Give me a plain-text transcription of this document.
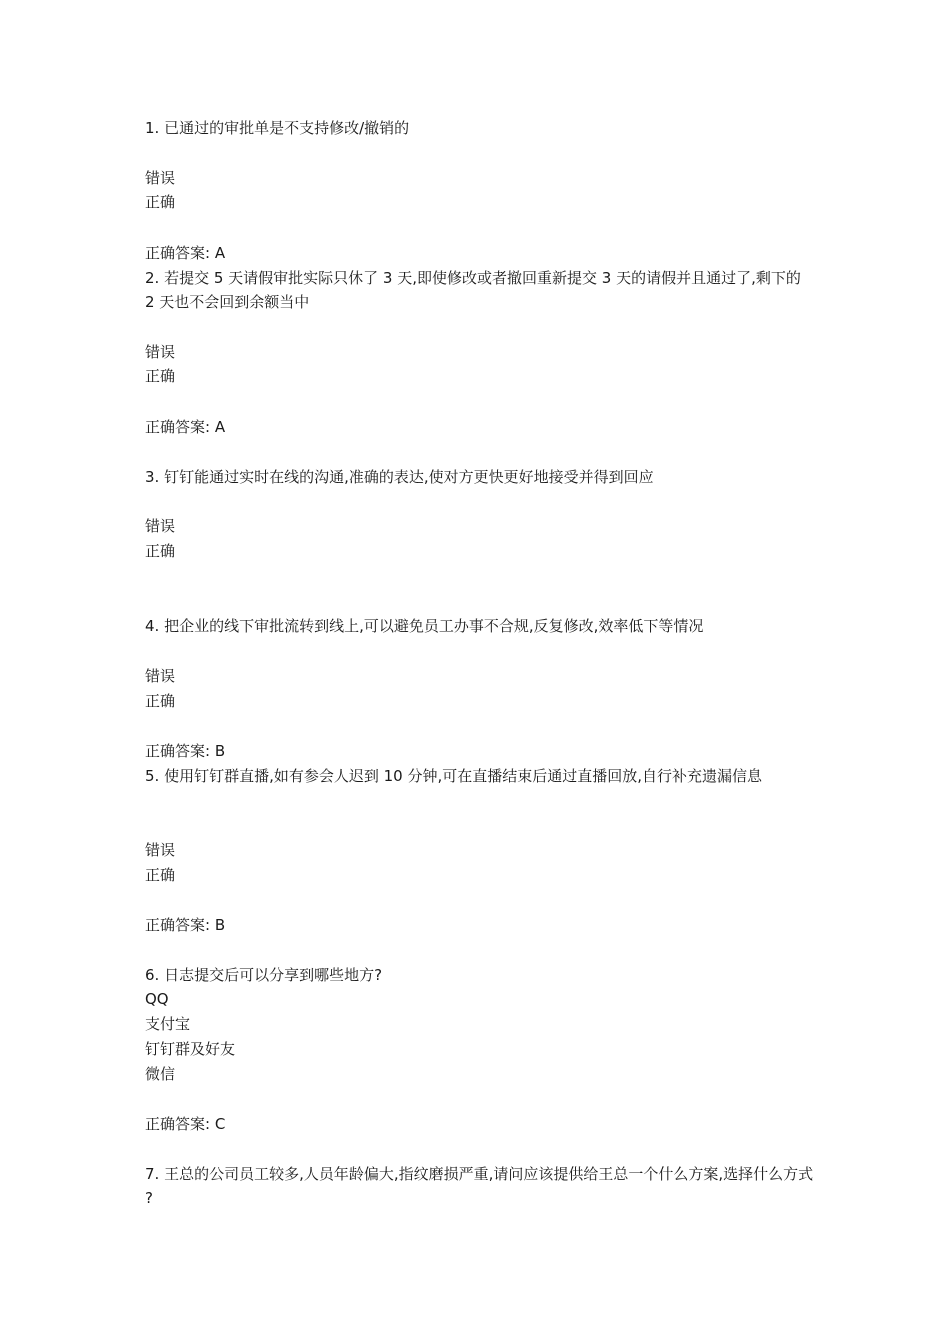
1. 已通过的审批单是不支持修改/撤销的
错误
正确
正确答案: A
2. 若提交 5 天请假审批实际只休了 3 天,即使修改或者撤回重新提交 3 天的请假并且通过了,剩下的 2 天也不会回到余额当中
错误
正确
正确答案: A
3. 钉钉能通过实时在线的沟通,准确的表达,使对方更快更好地接受并得到回应
错误
正确
4. 把企业的线下审批流转到线上,可以避免员工办事不合规,反复修改,效率低下等情况
错误
正确
正确答案: B
5. 使用钉钉群直播,如有参会人迟到 10 分钟,可在直播结束后通过直播回放,自行补充遗漏信息
错误
正确
正确答案: B
6. 日志提交后可以分享到哪些地方?
QQ
支付宝
钉钉群及好友
微信
正确答案: C
7. 王总的公司员工较多,人员年龄偏大,指纹磨损严重,请问应该提供给王总一个什么方案,选择什么方式 ?
